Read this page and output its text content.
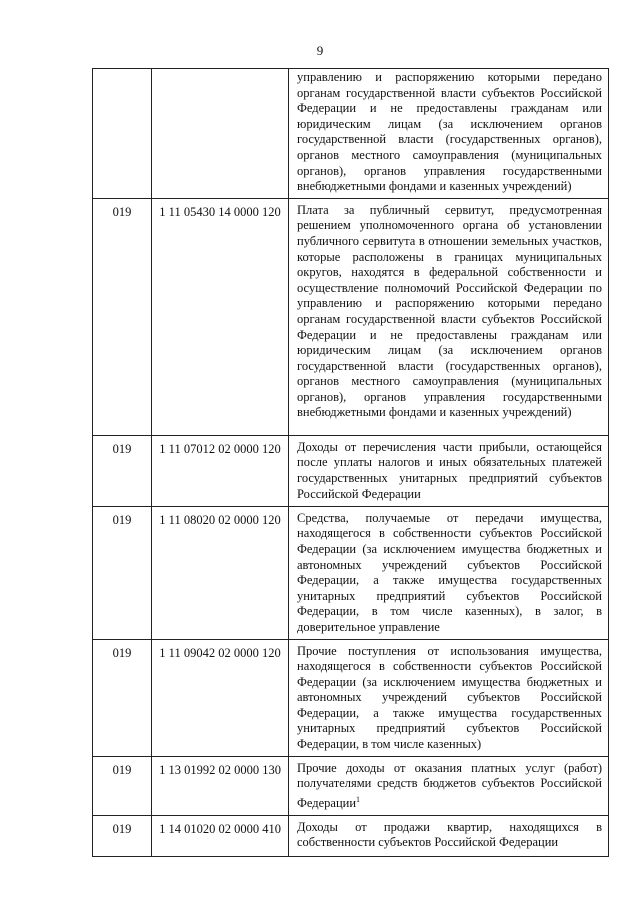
9
		управлению и распоряжению которыми передано органам государственной власти субъектов Российской Федерации и не предоставлены гражданам или юридическим лицам (за исключением органов государственной власти (государственных органов), органов местного самоуправления (муниципальных органов), органов управления государственными внебюджетными фондами и казенных учреждений)
019	1 11 05430 14 0000 120	Плата за публичный сервитут, предусмотренная решением уполномоченного органа об установлении публичного сервитута в отношении земельных участков, которые расположены в границах муниципальных округов, находятся в федеральной собственности и осуществление полномочий Российской Федерации по управлению и распоряжению которыми передано органам государственной власти субъектов Российской Федерации и не предоставлены гражданам или юридическим лицам (за исключением органов государственной власти (государственных органов), органов местного самоуправления (муниципальных органов), органов управления государственными внебюджетными фондами и казенных учреждений)
019	1 11 07012 02 0000 120	Доходы от перечисления части прибыли, остающейся после уплаты налогов и иных обязательных платежей государственных унитарных предприятий субъектов Российской Федерации
019	1 11 08020 02 0000 120	Средства, получаемые от передачи имущества, находящегося в собственности субъектов Российской Федерации (за исключением имущества бюджетных и автономных учреждений субъектов Российской Федерации, а также имущества государственных унитарных предприятий субъектов Российской Федерации, в том числе казенных), в залог, в доверительное управление
019	1 11 09042 02 0000 120	Прочие поступления от использования имущества, находящегося в собственности субъектов Российской Федерации (за исключением имущества бюджетных и автономных учреждений субъектов Российской Федерации, а также имущества государственных унитарных предприятий субъектов Российской Федерации, в том числе казенных)
019	1 13 01992 02 0000 130	Прочие доходы от оказания платных услуг (работ) получателями средств бюджетов субъектов Российской Федерации$^1$
019	1 14 01020 02 0000 410	Доходы от продажи квартир, находящихся в собственности субъектов Российской Федерации
